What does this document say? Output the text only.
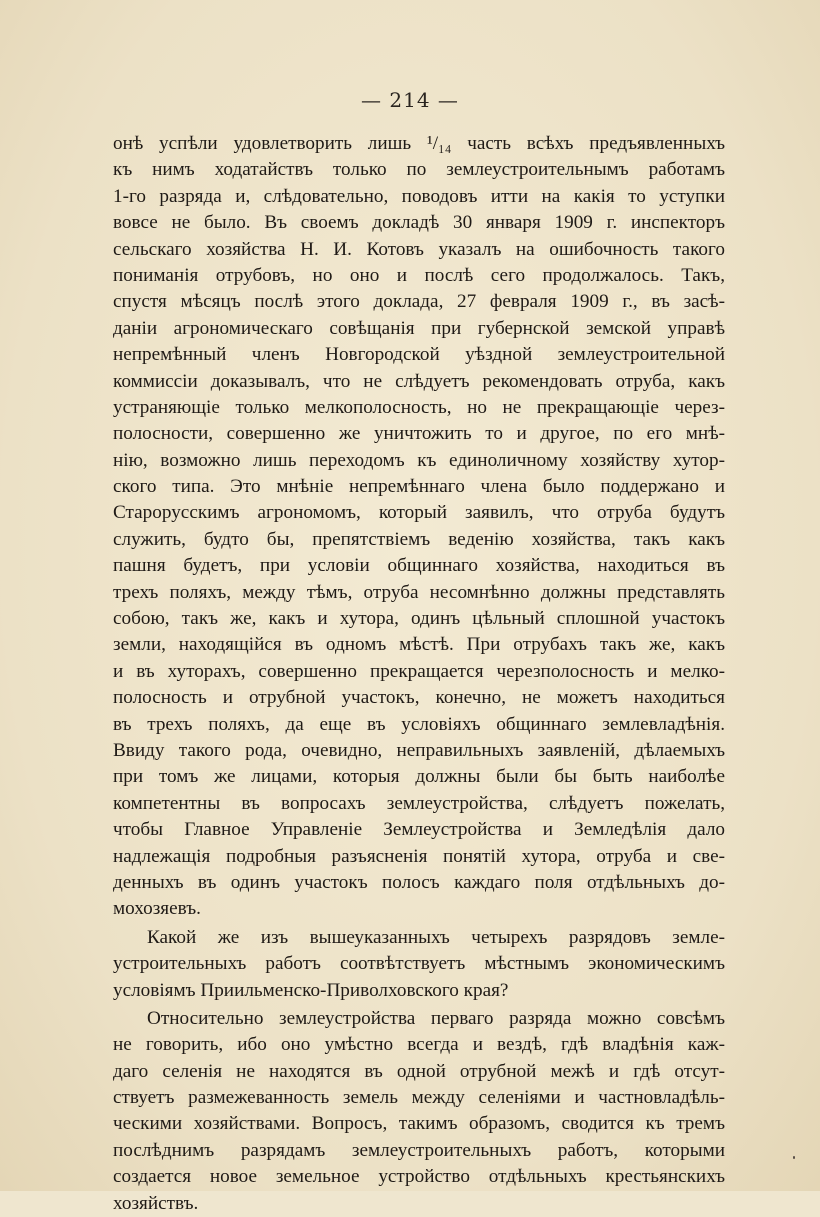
— 214 —
онѣ успѣли удовлетворить лишь ¹/₁₄ часть всѣхъ предъявленныхъ
къ нимъ ходатайствъ только по землеустроительнымъ работамъ
1-го разряда и, слѣдовательно, поводовъ итти на какія то уступки
вовсе не было. Въ своемъ докладѣ 30 января 1909 г. инспекторъ
сельскаго хозяйства Н. И. Котовъ указалъ на ошибочность такого
пониманія отрубовъ, но оно и послѣ сего продолжалось. Такъ,
спустя мѣсяцъ послѣ этого доклада, 27 февраля 1909 г., въ засѣ-
даніи агрономическаго совѣщанія при губернской земской управѣ
непремѣнный членъ Новгородской уѣздной землеустроительной
коммиссіи доказывалъ, что не слѣдуетъ рекомендовать отруба, какъ
устраняющіе только мелкополосность, но не прекращающіе через-
полосности, совершенно же уничтожить то и другое, по его мнѣ-
нію, возможно лишь переходомъ къ единоличному хозяйству хутор-
ского типа. Это мнѣніе непремѣннаго члена было поддержано и
Старорусскимъ агрономомъ, который заявилъ, что отруба будутъ
служить, будто бы, препятствіемъ веденію хозяйства, такъ какъ
пашня будетъ, при условіи общиннаго хозяйства, находиться въ
трехъ поляхъ, между тѣмъ, отруба несомнѣнно должны представлять
собою, такъ же, какъ и хутора, одинъ цѣльный сплошной участокъ
земли, находящійся въ одномъ мѣстѣ. При отрубахъ такъ же, какъ
и въ хуторахъ, совершенно прекращается черезполосность и мелко-
полосность и отрубной участокъ, конечно, не можетъ находиться
въ трехъ поляхъ, да еще въ условіяхъ общиннаго землевладѣнія.
Ввиду такого рода, очевидно, неправильныхъ заявленій, дѣлаемыхъ
при томъ же лицами, которыя должны были бы быть наиболѣе
компетентны въ вопросахъ землеустройства, слѣдуетъ пожелать,
чтобы Главное Управленіе Землеустройства и Земледѣлія дало
надлежащія подробныя разъясненія понятій хутора, отруба и све-
денныхъ въ одинъ участокъ полосъ каждаго поля отдѣльныхъ до-
мохозяевъ.
Какой же изъ вышеуказанныхъ четырехъ разрядовъ земле-
устроительныхъ работъ соотвѣтствуетъ мѣстнымъ экономическимъ
условіямъ Приильменско-Приволховского края?
Относительно землеустройства перваго разряда можно совсѣмъ
не говорить, ибо оно умѣстно всегда и вездѣ, гдѣ владѣнія каж-
даго селенія не находятся въ одной отрубной межѣ и гдѣ отсут-
ствуетъ размежеванность земель между селеніями и частновладѣль-
ческими хозяйствами. Вопросъ, такимъ образомъ, сводится къ тремъ
послѣднимъ разрядамъ землеустроительныхъ работъ, которыми
создается новое земельное устройство отдѣльныхъ крестьянскихъ
хозяйствъ.
